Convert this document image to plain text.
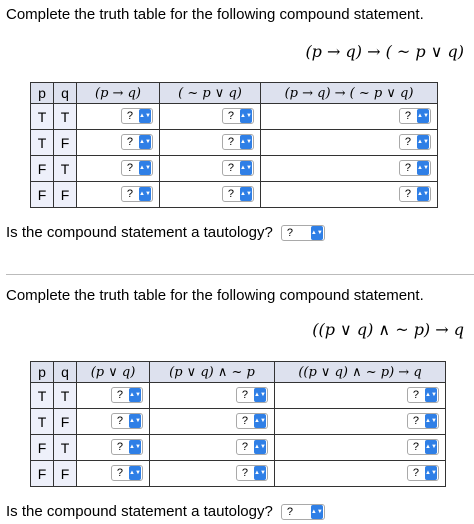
Complete the truth table for the following compound statement.
(p → q) → ( ~ p ∨ q)
p	q	(p → q)	( ~ p ∨ q)	(p → q) → ( ~ p ∨ q)
T	T	? ▲▼	? ▲▼	? ▲▼

T	F	? ▲▼	? ▲▼	? ▲▼

F	T	? ▲▼	? ▲▼	? ▲▼

F	F	? ▲▼	? ▲▼	? ▲▼
Is the compound statement a tautology?	?	▲▼
Complete the truth table for the following compound statement.
((p ∨ q) ∧ ~ p) → q
p	q	(p ∨ q)	(p ∨ q) ∧ ~ p	((p ∨ q) ∧ ~ p) → q
T	T	? ▲▼	? ▲▼	? ▲▼

T	F	? ▲▼	? ▲▼	? ▲▼

F	T	? ▲▼	? ▲▼	? ▲▼

F	F	? ▲▼	? ▲▼	? ▲▼
Is the compound statement a tautology?	?	▲▼
